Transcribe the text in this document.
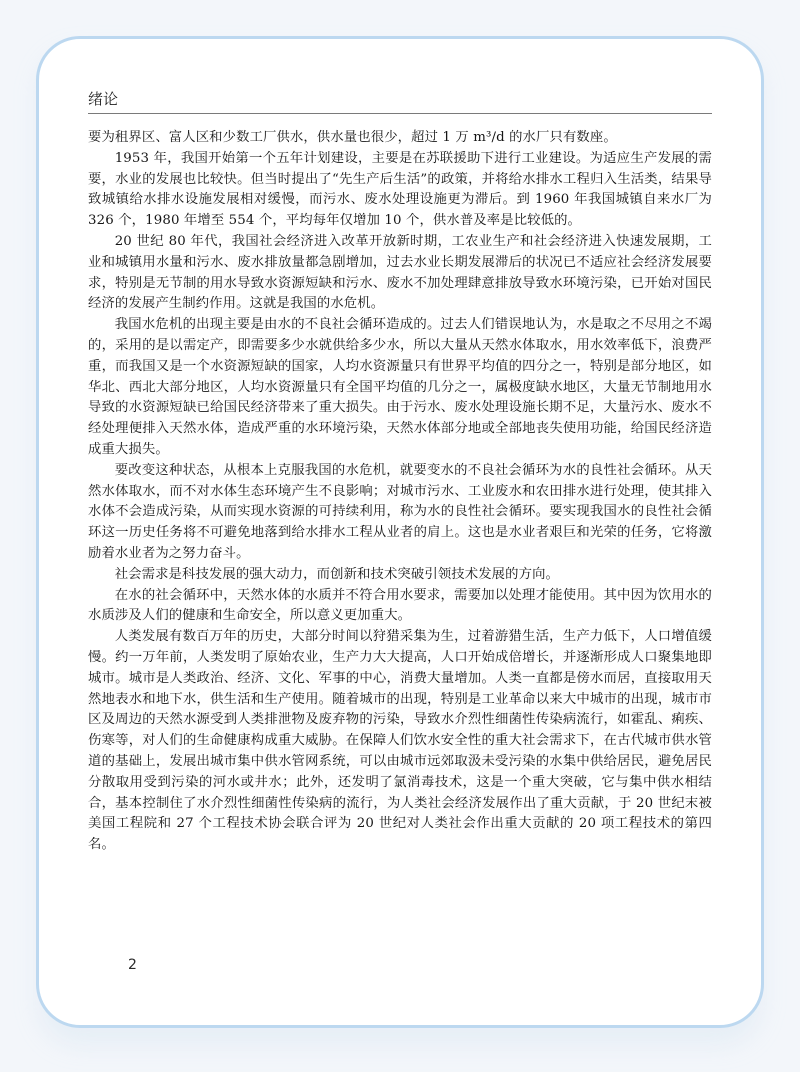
绪论

要为租界区、富人区和少数工厂供水，供水量也很少，超过 1 万 m³/d 的水厂只有数座。

1953 年，我国开始第一个五年计划建设，主要是在苏联援助下进行工业建设。为适应生产发展的需要，水业的发展也比较快。但当时提出了“先生产后生活”的政策，并将给水排水工程归入生活类，结果导致城镇给水排水设施发展相对缓慢，而污水、废水处理设施更为滞后。到 1960 年我国城镇自来水厂为 326 个，1980 年增至 554 个，平均每年仅增加 10 个，供水普及率是比较低的。

20 世纪 80 年代，我国社会经济进入改革开放新时期，工农业生产和社会经济进入快速发展期，工业和城镇用水量和污水、废水排放量都急剧增加，过去水业长期发展滞后的状况已不适应社会经济发展要求，特别是无节制的用水导致水资源短缺和污水、废水不加处理肆意排放导致水环境污染，已开始对国民经济的发展产生制约作用。这就是我国的水危机。

我国水危机的出现主要是由水的不良社会循环造成的。过去人们错误地认为，水是取之不尽用之不竭的，采用的是以需定产，即需要多少水就供给多少水，所以大量从天然水体取水，用水效率低下，浪费严重，而我国又是一个水资源短缺的国家，人均水资源量只有世界平均值的四分之一，特别是部分地区，如华北、西北大部分地区，人均水资源量只有全国平均值的几分之一，属极度缺水地区，大量无节制地用水导致的水资源短缺已给国民经济带来了重大损失。由于污水、废水处理设施长期不足，大量污水、废水不经处理便排入天然水体，造成严重的水环境污染，天然水体部分地或全部地丧失使用功能，给国民经济造成重大损失。

要改变这种状态，从根本上克服我国的水危机，就要变水的不良社会循环为水的良性社会循环。从天然水体取水，而不对水体生态环境产生不良影响；对城市污水、工业废水和农田排水进行处理，使其排入水体不会造成污染，从而实现水资源的可持续利用，称为水的良性社会循环。要实现我国水的良性社会循环这一历史任务将不可避免地落到给水排水工程从业者的肩上。这也是水业者艰巨和光荣的任务，它将激励着水业者为之努力奋斗。

社会需求是科技发展的强大动力，而创新和技术突破引领技术发展的方向。

在水的社会循环中，天然水体的水质并不符合用水要求，需要加以处理才能使用。其中因为饮用水的水质涉及人们的健康和生命安全，所以意义更加重大。

人类发展有数百万年的历史，大部分时间以狩猎采集为生，过着游猎生活，生产力低下，人口增值缓慢。约一万年前，人类发明了原始农业，生产力大大提高，人口开始成倍增长，并逐渐形成人口聚集地即城市。城市是人类政治、经济、文化、军事的中心，消费大量增加。人类一直都是傍水而居，直接取用天然地表水和地下水，供生活和生产使用。随着城市的出现，特别是工业革命以来大中城市的出现，城市市区及周边的天然水源受到人类排泄物及废弃物的污染，导致水介烈性细菌性传染病流行，如霍乱、痢疾、伤寒等，对人们的生命健康构成重大威胁。在保障人们饮水安全性的重大社会需求下，在古代城市供水管道的基础上，发展出城市集中供水管网系统，可以由城市远郊取汲未受污染的水集中供给居民，避免居民分散取用受到污染的河水或井水；此外，还发明了氯消毒技术，这是一个重大突破，它与集中供水相结合，基本控制住了水介烈性细菌性传染病的流行，为人类社会经济发展作出了重大贡献，于 20 世纪末被美国工程院和 27 个工程技术协会联合评为 20 世纪对人类社会作出重大贡献的 20 项工程技术的第四名。

2
